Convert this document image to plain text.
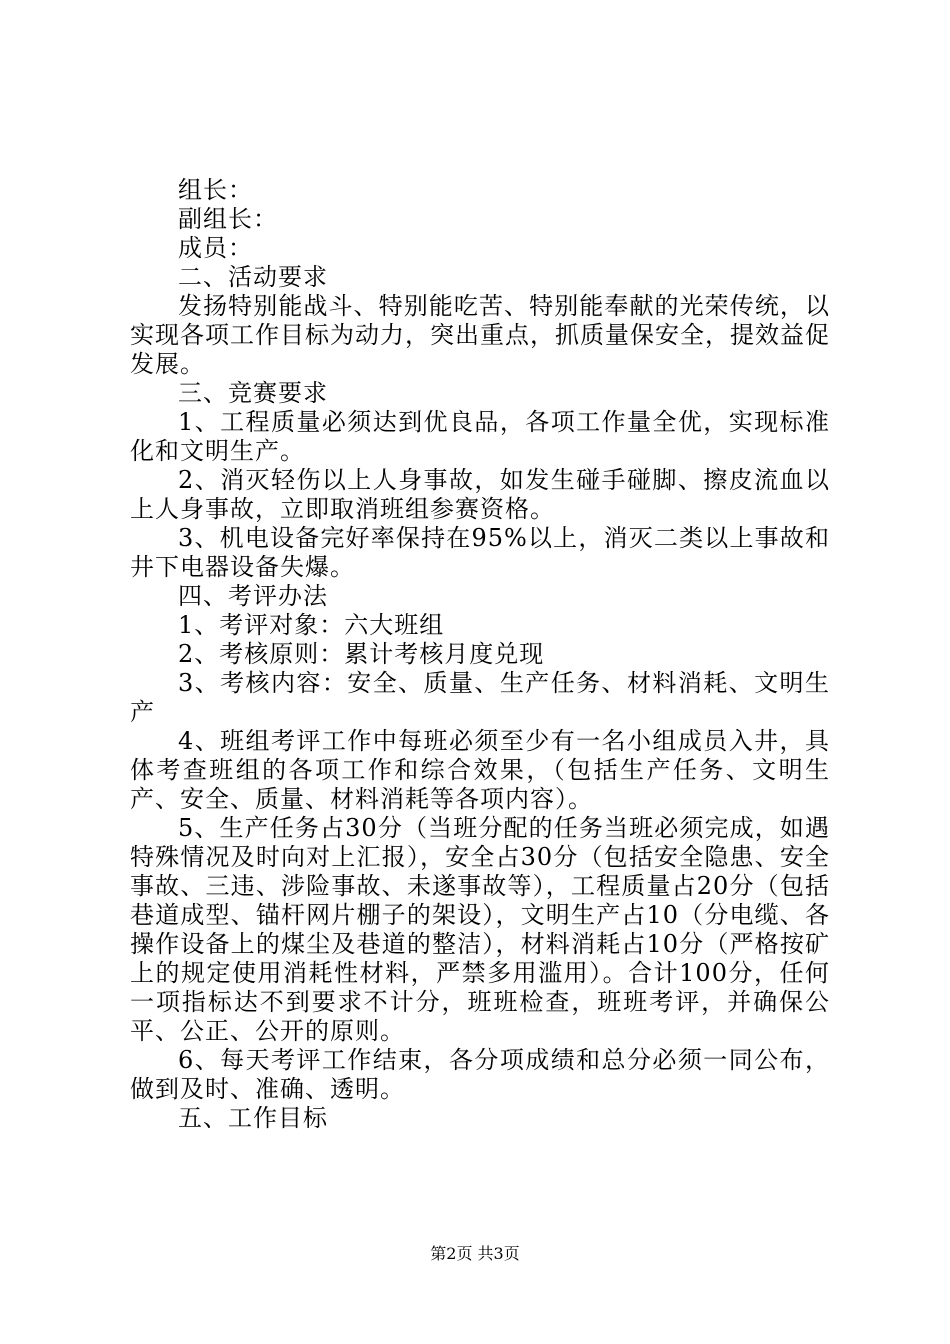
组长：

副组长：

成员：

二、活动要求

发扬特别能战斗、特别能吃苦、特别能奉献的光荣传统，以实现各项工作目标为动力，突出重点，抓质量保安全，提效益促发展。

三、竞赛要求

1、工程质量必须达到优良品，各项工作量全优，实现标准化和文明生产。

2、消灭轻伤以上人身事故，如发生碰手碰脚、擦皮流血以上人身事故，立即取消班组参赛资格。

3、机电设备完好率保持在95%以上，消灭二类以上事故和井下电器设备失爆。

四、考评办法

1、考评对象：六大班组

2、考核原则：累计考核月度兑现

3、考核内容：安全、质量、生产任务、材料消耗、文明生产

4、班组考评工作中每班必须至少有一名小组成员入井，具体考查班组的各项工作和综合效果，（包括生产任务、文明生产、安全、质量、材料消耗等各项内容）。

5、生产任务占30分（当班分配的任务当班必须完成，如遇特殊情况及时向对上汇报），安全占30分（包括安全隐患、安全事故、三违、涉险事故、未遂事故等），工程质量占20分（包括巷道成型、锚杆网片棚子的架设），文明生产占10（分电缆、各操作设备上的煤尘及巷道的整洁），材料消耗占10分（严格按矿上的规定使用消耗性材料，严禁多用滥用）。合计100分，任何一项指标达不到要求不计分，班班检查，班班考评，并确保公平、公正、公开的原则。

6、每天考评工作结束，各分项成绩和总分必须一同公布，做到及时、准确、透明。

五、工作目标

第2页 共3页
